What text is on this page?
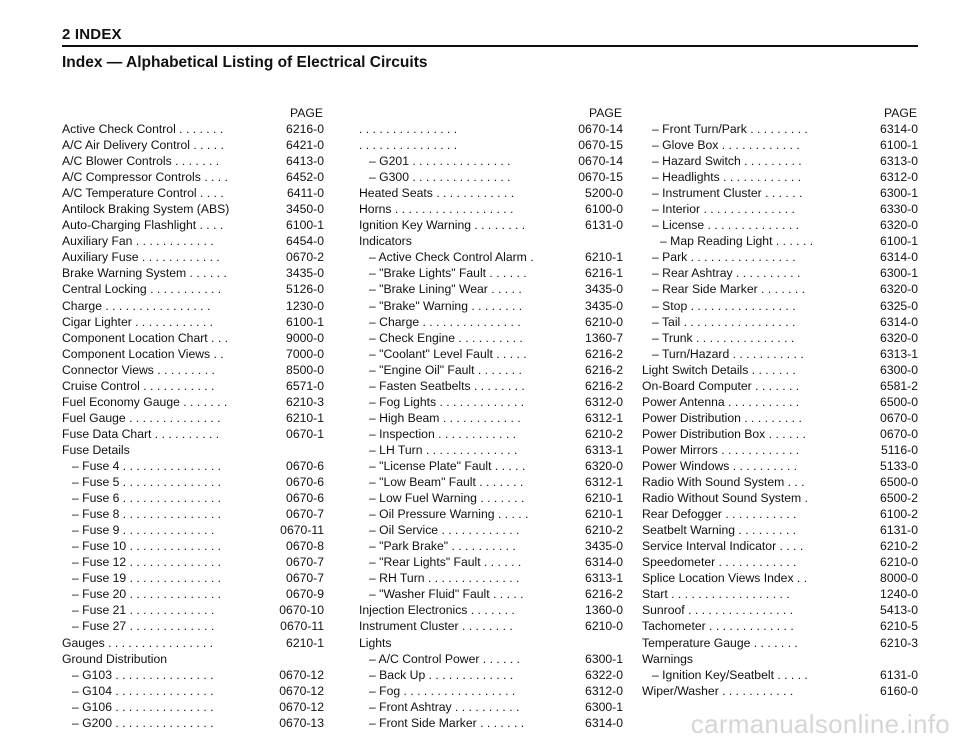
2 INDEX
Index — Alphabetical Listing of Electrical Circuits
PAGE
Active Check Control . . . . . . .	6216-0
A/C Air Delivery Control . . . . .	6421-0
A/C Blower Controls . . . . . . .	6413-0
A/C Compressor Controls . . . .	6452-0
A/C Temperature Control . . . .	6411-0
Antilock Braking System (ABS)	3450-0
Auto-Charging Flashlight . . . .	6100-1
Auxiliary Fan . . . . . . . . . . . .	6454-0
Auxiliary Fuse . . . . . . . . . . . .	0670-2
Brake Warning System . . . . . .	3435-0
Central Locking . . . . . . . . . . .	5126-0
Charge . . . . . . . . . . . . . . . .	1230-0
Cigar Lighter . . . . . . . . . . . .	6100-1
Component Location Chart . . .	9000-0
Component Location Views . .	7000-0
Connector Views . . . . . . . . .	8500-0
Cruise Control . . . . . . . . . . .	6571-0
Fuel Economy Gauge . . . . . . .	6210-3
Fuel Gauge . . . . . . . . . . . . . .	6210-1
Fuse Data Chart . . . . . . . . . .	0670-1
Fuse Details
– Fuse 4 . . . . . . . . . . . . . . .	0670-6
– Fuse 5 . . . . . . . . . . . . . . .	0670-6
– Fuse 6 . . . . . . . . . . . . . . .	0670-6
– Fuse 8 . . . . . . . . . . . . . . .	0670-7
– Fuse 9 . . . . . . . . . . . . . .	0670-11
– Fuse 10 . . . . . . . . . . . . . .	0670-8
– Fuse 12 . . . . . . . . . . . . . .	0670-7
– Fuse 19 . . . . . . . . . . . . . .	0670-7
– Fuse 20 . . . . . . . . . . . . . .	0670-9
– Fuse 21 . . . . . . . . . . . . .	0670-10
– Fuse 27 . . . . . . . . . . . . .	0670-11
Gauges . . . . . . . . . . . . . . . .	6210-1
Ground Distribution
– G103 . . . . . . . . . . . . . . .	0670-12
– G104 . . . . . . . . . . . . . . .	0670-12
– G106 . . . . . . . . . . . . . . .	0670-12
– G200 . . . . . . . . . . . . . . .	0670-13
PAGE
. . . . . . . . . . . . . . .	0670-14
. . . . . . . . . . . . . . .	0670-15
– G201 . . . . . . . . . . . . . . .	0670-14
– G300 . . . . . . . . . . . . . . .	0670-15
Heated Seats . . . . . . . . . . . .	5200-0
Horns . . . . . . . . . . . . . . . . . .	6100-0
Ignition Key Warning . . . . . . . .	6131-0
Indicators
– Active Check Control Alarm .	6210-1
– "Brake Lights" Fault . . . . . .	6216-1
– "Brake Lining" Wear . . . . .	3435-0
– "Brake" Warning . . . . . . . .	3435-0
– Charge . . . . . . . . . . . . . . .	6210-0
– Check Engine . . . . . . . . . .	1360-7
– "Coolant" Level Fault . . . . .	6216-2
– "Engine Oil" Fault . . . . . . .	6216-2
– Fasten Seatbelts . . . . . . . .	6216-2
– Fog Lights . . . . . . . . . . . . .	6312-0
– High Beam . . . . . . . . . . . .	6312-1
– Inspection . . . . . . . . . . . .	6210-2
– LH Turn . . . . . . . . . . . . . .	6313-1
– "License Plate" Fault . . . . .	6320-0
– "Low Beam" Fault . . . . . . .	6312-1
– Low Fuel Warning . . . . . . .	6210-1
– Oil Pressure Warning . . . . .	6210-1
– Oil Service . . . . . . . . . . . .	6210-2
– "Park Brake" . . . . . . . . . .	3435-0
– "Rear Lights" Fault . . . . . .	6314-0
– RH Turn . . . . . . . . . . . . . .	6313-1
– "Washer Fluid" Fault . . . . .	6216-2
Injection Electronics . . . . . . .	1360-0
Instrument Cluster . . . . . . . .	6210-0
Lights
– A/C Control Power . . . . . .	6300-1
– Back Up . . . . . . . . . . . . .	6322-0
– Fog . . . . . . . . . . . . . . . . .	6312-0
– Front Ashtray . . . . . . . . . .	6300-1
– Front Side Marker . . . . . . .	6314-0
PAGE
– Front Turn/Park . . . . . . . . .	6314-0
– Glove Box . . . . . . . . . . . .	6100-1
– Hazard Switch . . . . . . . . .	6313-0
– Headlights . . . . . . . . . . . .	6312-0
– Instrument Cluster . . . . . .	6300-1
– Interior . . . . . . . . . . . . . .	6330-0
– License . . . . . . . . . . . . . .	6320-0
– Map Reading Light . . . . . .	6100-1
– Park . . . . . . . . . . . . . . . .	6314-0
– Rear Ashtray . . . . . . . . . .	6300-1
– Rear Side Marker . . . . . . .	6320-0
– Stop . . . . . . . . . . . . . . . .	6325-0
– Tail . . . . . . . . . . . . . . . . .	6314-0
– Trunk . . . . . . . . . . . . . . .	6320-0
– Turn/Hazard . . . . . . . . . . .	6313-1
Light Switch Details . . . . . . .	6300-0
On-Board Computer . . . . . . .	6581-2
Power Antenna . . . . . . . . . . .	6500-0
Power Distribution . . . . . . . . .	0670-0
Power Distribution Box . . . . . .	0670-0
Power Mirrors . . . . . . . . . . . .	5116-0
Power Windows . . . . . . . . . .	5133-0
Radio With Sound System . . .	6500-0
Radio Without Sound System .	6500-2
Rear Defogger . . . . . . . . . . .	6100-2
Seatbelt Warning . . . . . . . . .	6131-0
Service Interval Indicator . . . .	6210-2
Speedometer . . . . . . . . . . . .	6210-0
Splice Location Views Index . .	8000-0
Start . . . . . . . . . . . . . . . . . .	1240-0
Sunroof . . . . . . . . . . . . . . . .	5413-0
Tachometer . . . . . . . . . . . . .	6210-5
Temperature Gauge . . . . . . .	6210-3
Warnings
– Ignition Key/Seatbelt . . . . .	6131-0
Wiper/Washer . . . . . . . . . . .	6160-0
carmanualsonline.info
